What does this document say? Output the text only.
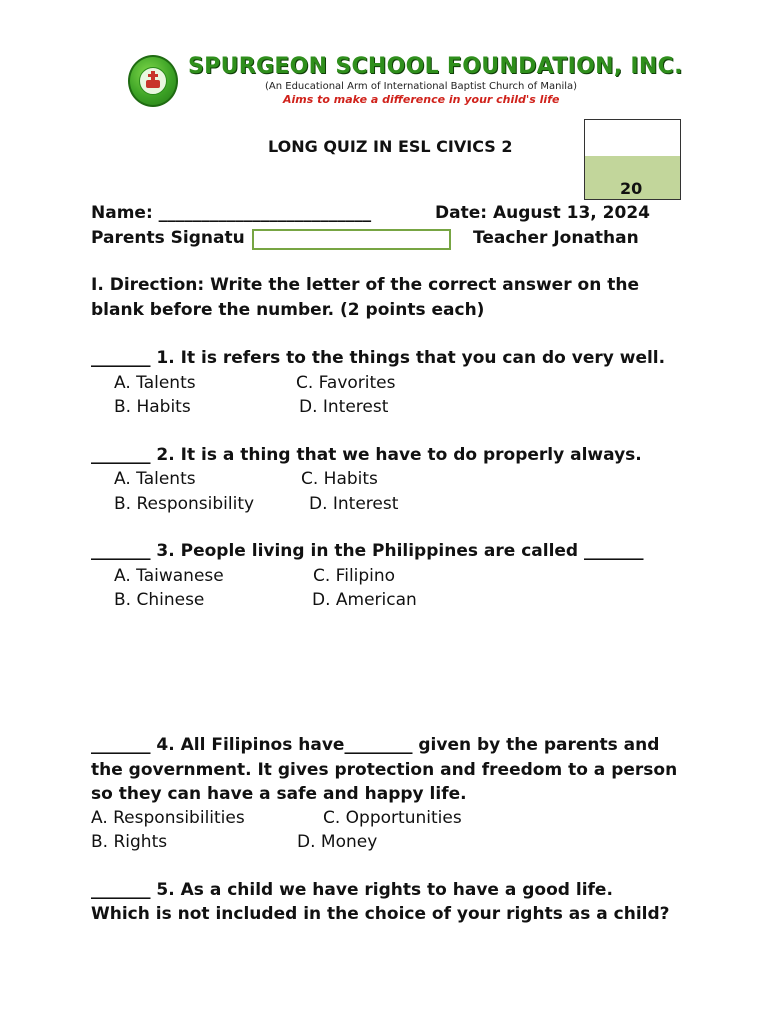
SPURGEON SCHOOL FOUNDATION, INC.
(An Educational Arm of International Baptist Church of Manila)
Aims to make a difference in your child's life
LONG QUIZ IN ESL CIVICS 2
20
Name: _________________________	Date: August 13, 2024
Parents Signatu	Teacher Jonathan
I. Direction: Write the letter of the correct answer on the
blank before the number. (2 points each)
_______ 1. It is refers to the things that you can do very well.
A. Talents	C. Favorites
B. Habits	D. Interest
_______ 2. It is a thing that we have to do properly always.
A. Talents	C. Habits
B. Responsibility	D. Interest
_______ 3. People living in the Philippines are called _______
A. Taiwanese	C. Filipino
B. Chinese	D. American
_______ 4. All Filipinos have________ given by the parents and
the government. It gives protection and freedom to a person
so they can have a safe and happy life.
A. Responsibilities	C. Opportunities
B. Rights	D. Money
_______ 5. As a child we have rights to have a good life.
Which is not included in the choice of your rights as a child?
